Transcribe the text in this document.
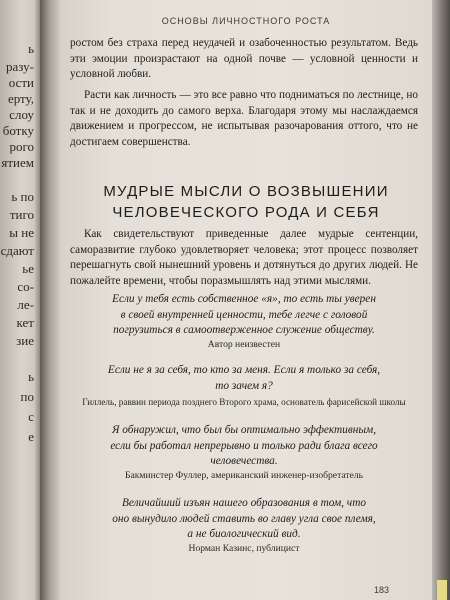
ь
разу-
ости
ерту,
слоу
ботку
рого
ятием
ь по
тиго
ы не
сдают
ье
со-
ле-
кет
зие
ь
по
с
е
ОСНОВЫ ЛИЧНОСТНОГО РОСТА

ростом без страха перед неудачей и озабоченностью результатом. Ведь эти эмоции произрастают на одной почве — условной ценности и условной любви.

Расти как личность — это все равно что подниматься по лестнице, но так и не доходить до самого верха. Благодаря этому мы наслаждаемся движением и прогрессом, не испытывая разочарования оттого, что не достигаем совершенства.

МУДРЫЕ МЫСЛИ О ВОЗВЫШЕНИИ
ЧЕЛОВЕЧЕСКОГО РОДА И СЕБЯ

Как свидетельствуют приведенные далее мудрые сентенции, саморазвитие глубоко удовлетворяет человека; этот процесс позволяет перешагнуть свой нынешний уровень и дотянуться до других людей. Не пожалейте времени, чтобы поразмышлять над этими мыслями.

Если у тебя есть собственное «я», то есть ты уверен
в своей внутренней ценности, тебе легче с головой
погрузиться в самоотверженное служение обществу.

Автор неизвестен

Если не я за себя, то кто за меня. Если я только за себя,
то зачем я?

Гиллель, раввин периода позднего Второго храма, основатель фарисейской школы

Я обнаружил, что был бы оптимально эффективным,
если бы работал непрерывно и только ради блага всего
человечества.

Бакминстер Фуллер, американский инженер-изобретатель

Величайший изъян нашего образования в том, что
оно вынудило людей ставить во главу угла свое племя,
а не биологический вид.

Норман Казинс, публицист

183
